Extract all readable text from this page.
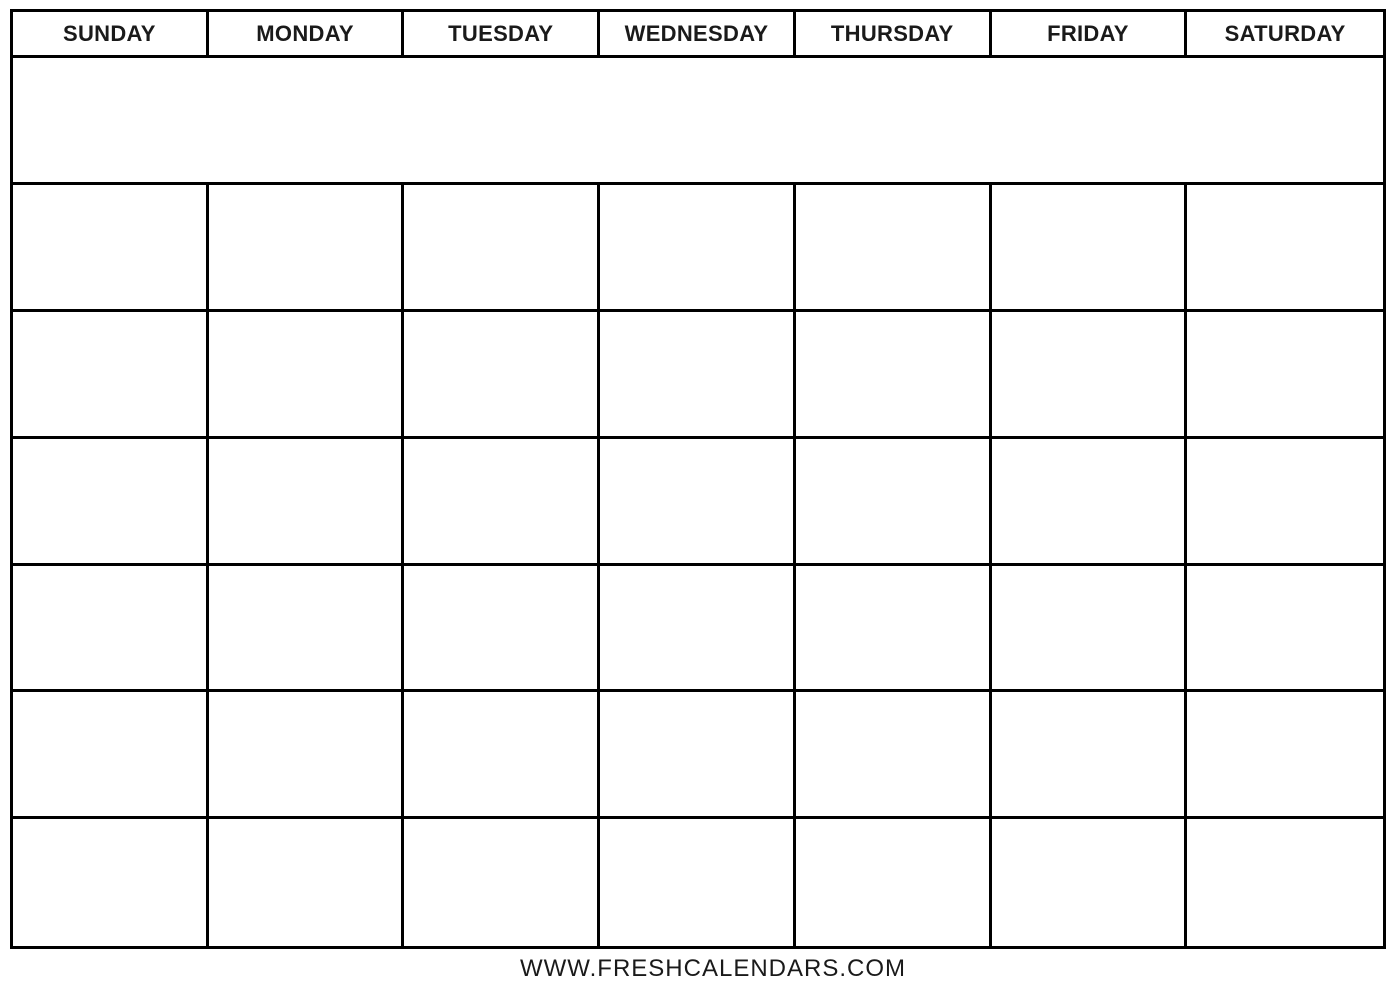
SUNDAY	MONDAY	TUESDAY	WEDNESDAY	THURSDAY	FRIDAY	SATURDAY
WWW.FRESHCALENDARS.COM
